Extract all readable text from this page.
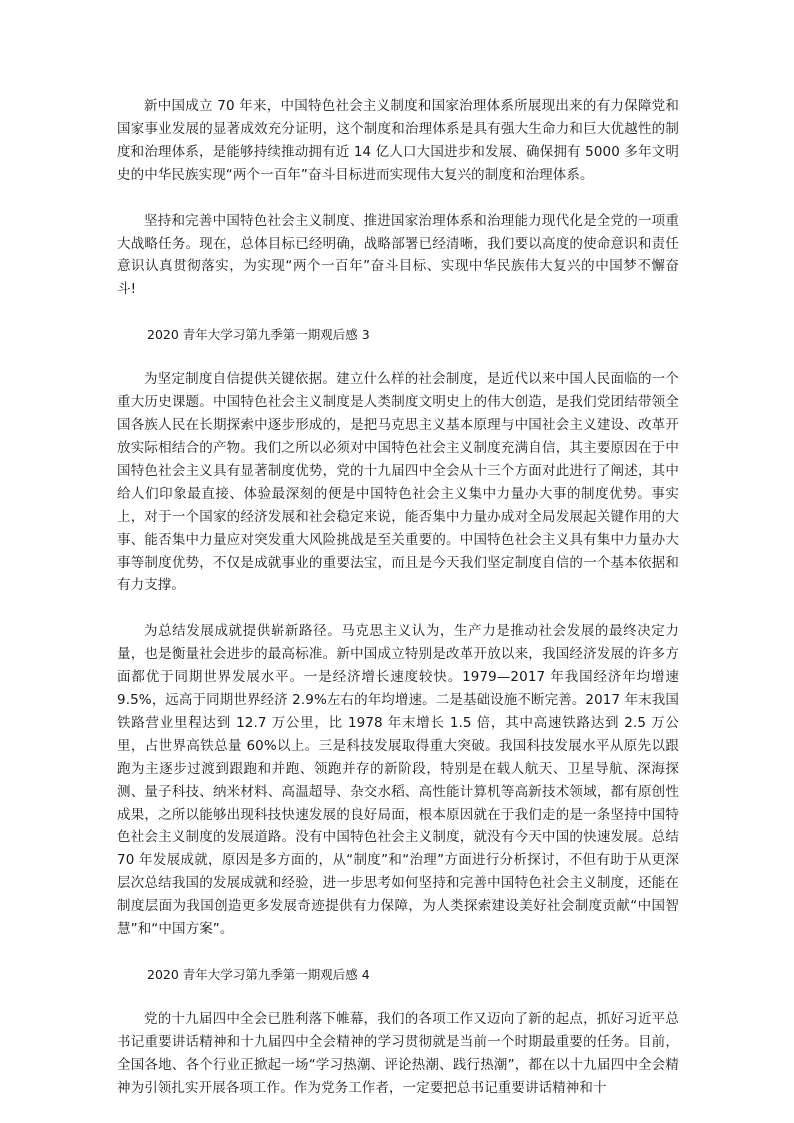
新中国成立 70 年来，中国特色社会主义制度和国家治理体系所展现出来的有力保障党和国家事业发展的显著成效充分证明，这个制度和治理体系是具有强大生命力和巨大优越性的制度和治理体系，是能够持续推动拥有近 14 亿人口大国进步和发展、确保拥有 5000 多年文明史的中华民族实现“两个一百年”奋斗目标进而实现伟大复兴的制度和治理体系。

坚持和完善中国特色社会主义制度、推进国家治理体系和治理能力现代化是全党的一项重大战略任务。现在，总体目标已经明确，战略部署已经清晰，我们要以高度的使命意识和责任意识认真贯彻落实，为实现“两个一百年”奋斗目标、实现中华民族伟大复兴的中国梦不懈奋斗!

2020 青年大学习第九季第一期观后感 3

为坚定制度自信提供关键依据。建立什么样的社会制度，是近代以来中国人民面临的一个重大历史课题。中国特色社会主义制度是人类制度文明史上的伟大创造，是我们党团结带领全国各族人民在长期探索中逐步形成的，是把马克思主义基本原理与中国社会主义建设、改革开放实际相结合的产物。我们之所以必须对中国特色社会主义制度充满自信，其主要原因在于中国特色社会主义具有显著制度优势，党的十九届四中全会从十三个方面对此进行了阐述，其中给人们印象最直接、体验最深刻的便是中国特色社会主义集中力量办大事的制度优势。事实上，对于一个国家的经济发展和社会稳定来说，能否集中力量办成对全局发展起关键作用的大事、能否集中力量应对突发重大风险挑战是至关重要的。中国特色社会主义具有集中力量办大事等制度优势，不仅是成就事业的重要法宝，而且是今天我们坚定制度自信的一个基本依据和有力支撑。

为总结发展成就提供崭新路径。马克思主义认为，生产力是推动社会发展的最终决定力量，也是衡量社会进步的最高标准。新中国成立特别是改革开放以来，我国经济发展的许多方面都优于同期世界发展水平。一是经济增长速度较快。1979—2017 年我国经济年均增速 9.5%，远高于同期世界经济 2.9%左右的年均增速。二是基础设施不断完善。2017 年末我国铁路营业里程达到 12.7 万公里，比 1978 年末增长 1.5 倍，其中高速铁路达到 2.5 万公里，占世界高铁总量 60%以上。三是科技发展取得重大突破。我国科技发展水平从原先以跟跑为主逐步过渡到跟跑和并跑、领跑并存的新阶段，特别是在载人航天、卫星导航、深海探测、量子科技、纳米材料、高温超导、杂交水稻、高性能计算机等高新技术领域，都有原创性成果，之所以能够出现科技快速发展的良好局面，根本原因就在于我们走的是一条坚持中国特色社会主义制度的发展道路。没有中国特色社会主义制度，就没有今天中国的快速发展。总结 70 年发展成就，原因是多方面的，从“制度”和“治理”方面进行分析探讨，不但有助于从更深层次总结我国的发展成就和经验，进一步思考如何坚持和完善中国特色社会主义制度，还能在制度层面为我国创造更多发展奇迹提供有力保障，为人类探索建设美好社会制度贡献“中国智慧”和“中国方案”。

2020 青年大学习第九季第一期观后感 4

党的十九届四中全会已胜利落下帷幕，我们的各项工作又迈向了新的起点，抓好习近平总书记重要讲话精神和十九届四中全会精神的学习贯彻就是当前一个时期最重要的任务。目前，全国各地、各个行业正掀起一场“学习热潮、评论热潮、践行热潮”，都在以十九届四中全会精神为引领扎实开展各项工作。作为党务工作者，一定要把总书记重要讲话精神和十
